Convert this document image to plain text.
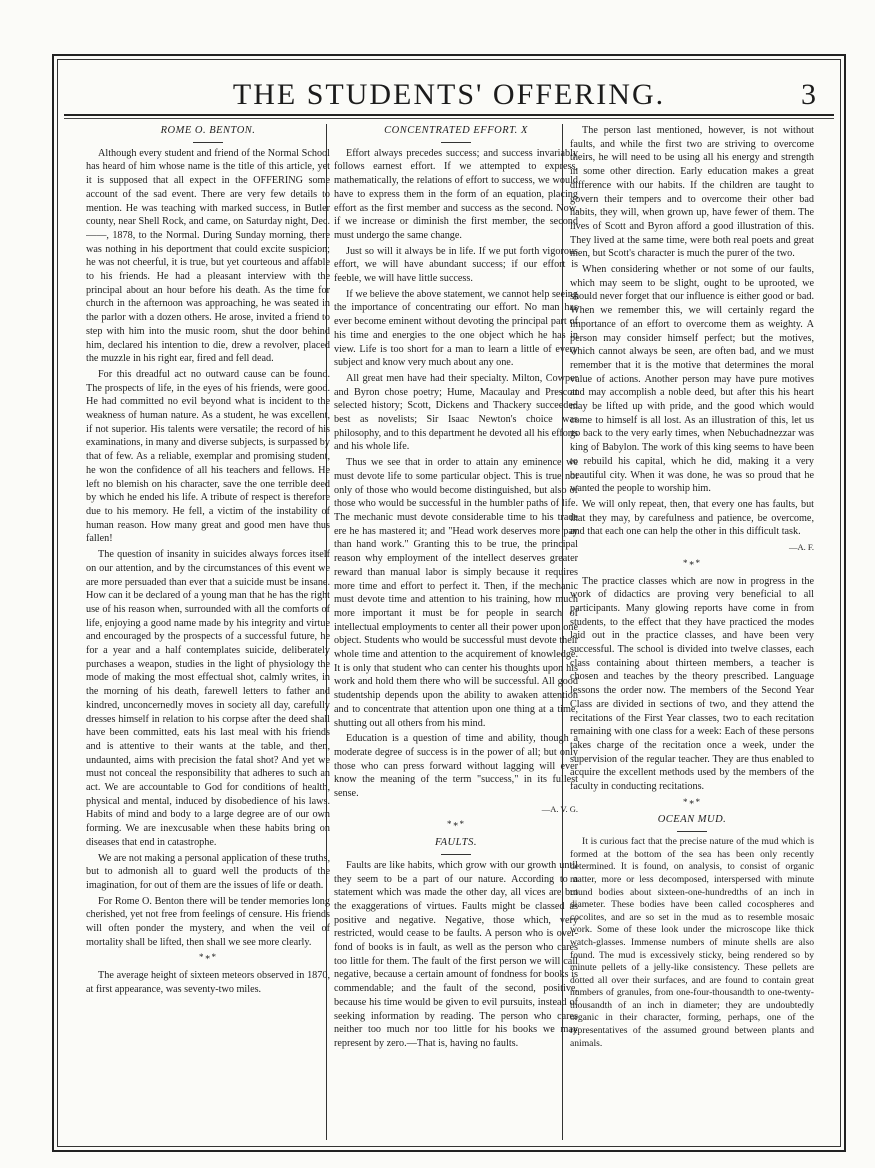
THE STUDENTS' OFFERING.	3
ROME O. BENTON.

Although every student and friend of the Normal School has heard of him whose name is the title of this article, yet it is supposed that all expect in the OFFERING some account of the sad event. There are very few details to mention. He was teaching with marked success, in Butler county, near Shell Rock, and came, on Saturday night, Dec. ——, 1878, to the Normal. During Sunday morning, there was nothing in his deportment that could excite suspicion; he was not cheerful, it is true, but yet courteous and affable to his friends. He had a pleasant interview with the principal about an hour before his death. As the time for church in the afternoon was approaching, he was seated in the parlor with a dozen others. He arose, invited a friend to step with him into the music room, shut the door behind him, declared his intention to die, drew a revolver, placed the muzzle in his right ear, fired and fell dead.

For this dreadful act no outward cause can be found. The prospects of life, in the eyes of his friends, were good. He had committed no evil beyond what is incident to the weakness of human nature. As a student, he was excellent, if not superior. His talents were versatile; the record of his examinations, in many and diverse subjects, is surpassed by that of few. As a reliable, exemplar and promising student, he won the confidence of all his teachers and fellows. He left no blemish on his character, save the one terrible deed by which he ended his life. A tribute of respect is therefore due to his memory. He fell, a victim of the instability of human reason. How many great and good men have thus fallen!

The question of insanity in suicides always forces itself on our attention, and by the circumstances of this event we are more persuaded than ever that a suicide must be insane. How can it be declared of a young man that he has the right use of his reason when, surrounded with all the comforts of life, enjoying a good name made by his integrity and virtue and encouraged by the prospects of a successful future, he for a year and a half contemplates suicide, deliberately purchases a weapon, studies in the light of physiology the mode of making the most effectual shot, calmly writes, in the morning of his death, farewell letters to father and kindred, unconcernedly moves in society all day, carefully dresses himself in relation to his corpse after the deed shall have been committed, eats his last meal with his friends and is attentive to their wants at the table, and then, undaunted, aims with precision the fatal shot? And yet we must not conceal the responsibility that adheres to such an act. We are accountable to God for conditions of health, physical and mental, induced by disobedience of his laws. Habits of mind and body to a large degree are of our own forming. We are inexcusable when these habits bring on diseases that end in catastrophe.

We are not making a personal application of these truths, but to admonish all to guard well the products of the imagination, for out of them are the issues of life or death.

For Rome O. Benton there will be tender memories long cherished, yet not free from feelings of censure. His friends will often ponder the mystery, and when the veil of mortality shall be lifted, then shall we see more clearly.

*∗*

The average height of sixteen meteors observed in 1870, at first appearance, was seventy-two miles.

CONCENTRATED EFFORT. X

Effort always precedes success; and success invariably follows earnest effort. If we attempted to express, mathematically, the relations of effort to success, we would have to express them in the form of an equation, placing effort as the first member and success as the second. Now, if we increase or diminish the first member, the second must undergo the same change.

Just so will it always be in life. If we put forth vigorous effort, we will have abundant success; if our effort is feeble, we will have little success.

If we believe the above statement, we cannot help seeing the importance of concentrating our effort. No man has ever become eminent without devoting the principal part of his time and energies to the one object which he has in view. Life is too short for a man to learn a little of every subject and know very much about any one.

All great men have had their specialty. Milton, Cowper and Byron chose poetry; Hume, Macaulay and Prescott selected history; Scott, Dickens and Thackery succeeded best as novelists; Sir Isaac Newton's choice was philosophy, and to this department he devoted all his efforts and his whole life.

Thus we see that in order to attain any eminence we must devote life to some particular object. This is true not only of those who would become distinguished, but also of those who would be successful in the humbler paths of life. The mechanic must devote considerable time to his trade ere he has mastered it; and "Head work deserves more pay than hand work." Granting this to be true, the principal reason why employment of the intellect deserves greater reward than manual labor is simply because it requires more time and effort to perfect it. Then, if the mechanic must devote time and attention to his training, how much more important it must be for people in search of intellectual employments to center all their power upon one object. Students who would be successful must devote their whole time and attention to the acquirement of knowledge. It is only that student who can center his thoughts upon his work and hold them there who will be successful. All good studentship depends upon the ability to awaken attention and to concentrate that attention upon one thing at a time, shutting out all others from his mind.

Education is a question of time and ability, though a moderate degree of success is in the power of all; but only those who can press forward without lagging will ever know the meaning of the term "success," in its fullest sense.

—A. V. G.
*∗*
FAULTS.

Faults are like habits, which grow with our growth until they seem to be a part of our nature. According to a statement which was made the other day, all vices are but the exaggerations of virtues. Faults might be classed as positive and negative. Negative, those which, very restricted, would cease to be faults. A person who is over-fond of books is in fault, as well as the person who cares too little for them. The fault of the first person we will call negative, because a certain amount of fondness for books is commendable; and the fault of the second, positive, because his time would be given to evil pursuits, instead of seeking information by reading. The person who cares neither too much nor too little for his books we may represent by zero.—That is, having no faults.

The person last mentioned, however, is not without faults, and while the first two are striving to overcome theirs, he will need to be using all his energy and strength in some other direction. Early education makes a great difference with our habits. If the children are taught to govern their tempers and to overcome their other bad habits, they will, when grown up, have fewer of them. The lives of Scott and Byron afford a good illustration of this. They lived at the same time, were both real poets and great men, but Scott's character is much the purer of the two.

When considering whether or not some of our faults, which may seem to be slight, ought to be uprooted, we should never forget that our influence is either good or bad. When we remember this, we will certainly regard the importance of an effort to overcome them as weighty. A person may consider himself perfect; but the motives, which cannot always be seen, are often bad, and we must remember that it is the motive that determines the moral value of actions. Another person may have pure motives and may accomplish a noble deed, but after this his heart may be lifted up with pride, and the good which would come to himself is all lost. As an illustration of this, let us go back to the very early times, when Nebuchadnezzar was king of Babylon. The work of this king seems to have been to rebuild his capital, which he did, making it a very beautiful city. When it was done, he was so proud that he wanted the people to worship him.

We will only repeat, then, that every one has faults, but that they may, by carefulness and patience, be overcome, and that each one can help the other in this difficult task.

—A. F.
*∗*

The practice classes which are now in progress in the work of didactics are proving very beneficial to all participants. Many glowing reports have come in from students, to the effect that they have practiced the modes laid out in the practice classes, and have been very successful. The school is divided into twelve classes, each class containing about thirteen members, a teacher is chosen and teaches by the theory prescribed. Language lessons the order now. The members of the Second Year Class are divided in sections of two, and they attend the recitations of the First Year classes, two to each recitation remaining with one class for a week: Each of these persons takes charge of the recitation once a week, under the supervision of the regular teacher. They are thus enabled to acquire the excellent methods used by the members of the faculty in conducting recitations.

*∗*
OCEAN MUD.

It is curious fact that the precise nature of the mud which is formed at the bottom of the sea has been only recently determined. It is found, on analysis, to consist of organic matter, more or less decomposed, interspersed with minute round bodies about sixteen-one-hundredths of an inch in diameter. These bodies have been called cocospheres and cocolites, and are so set in the mud as to resemble mosaic work. Some of these look under the microscope like thick watch-glasses. Immense numbers of minute shells are also found. The mud is excessively sticky, being rendered so by minute pellets of a jelly-like consistency. These pellets are dotted all over their surfaces, and are found to contain great numbers of granules, from one-four-thousandth to one-twenty-thousandth of an inch in diameter; they are undoubtedly organic in their character, forming, perhaps, one of the representatives of the assumed ground between plants and animals.
